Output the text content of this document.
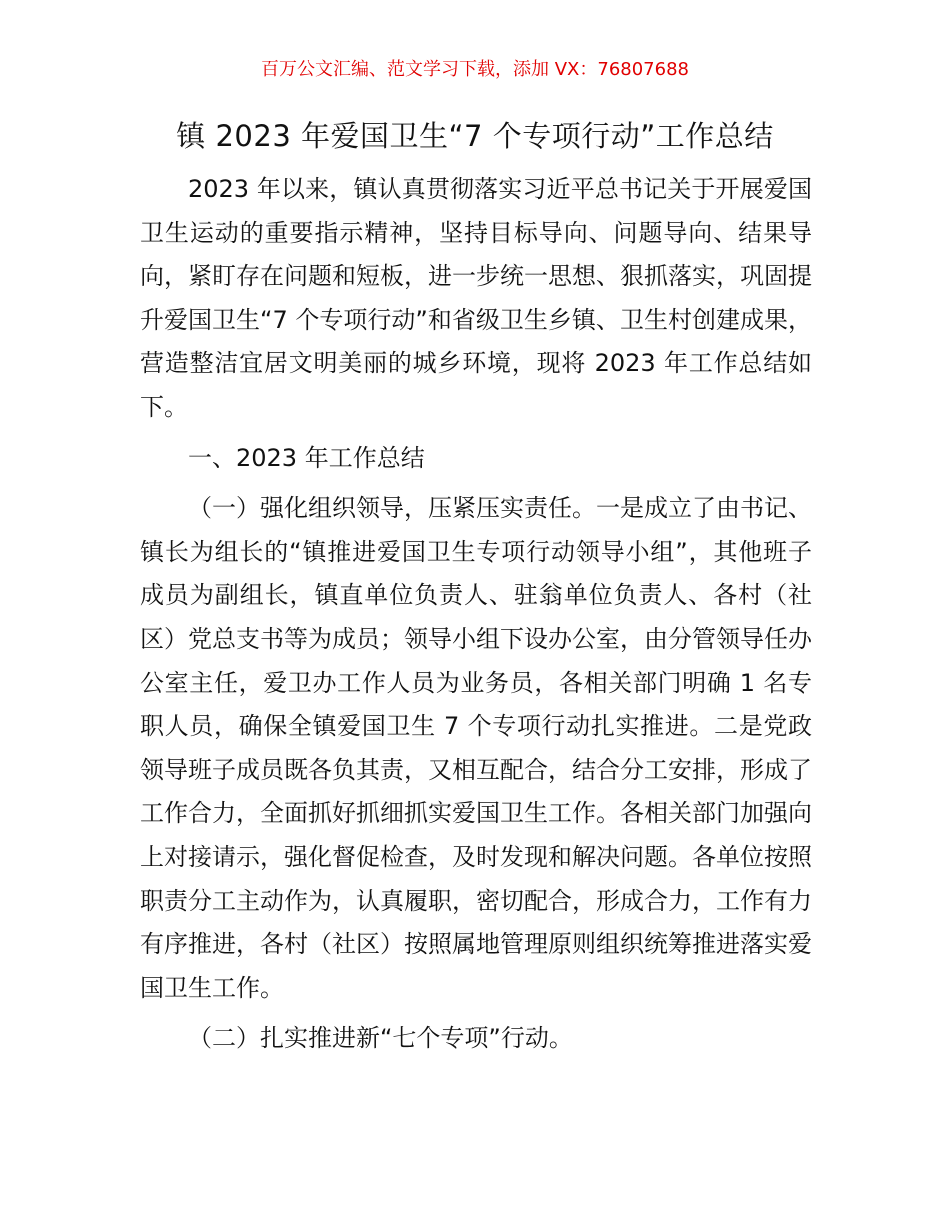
百万公文汇编、范文学习下载，添加 VX：76807688
镇 2023 年爱国卫生“7 个专项行动”工作总结

2023 年以来，镇认真贯彻落实习近平总书记关于开展爱国卫生运动的重要指示精神，坚持目标导向、问题导向、结果导向，紧盯存在问题和短板，进一步统一思想、狠抓落实，巩固提升爱国卫生“7 个专项行动”和省级卫生乡镇、卫生村创建成果，营造整洁宜居文明美丽的城乡环境，现将 2023 年工作总结如下。

一、2023 年工作总结

（一）强化组织领导，压紧压实责任。一是成立了由书记、镇长为组长的“镇推进爱国卫生专项行动领导小组”，其他班子成员为副组长，镇直单位负责人、驻翁单位负责人、各村（社区）党总支书等为成员；领导小组下设办公室，由分管领导任办公室主任，爱卫办工作人员为业务员，各相关部门明确 1 名专职人员，确保全镇爱国卫生 7 个专项行动扎实推进。二是党政领导班子成员既各负其责，又相互配合，结合分工安排，形成了工作合力，全面抓好抓细抓实爱国卫生工作。各相关部门加强向上对接请示，强化督促检查，及时发现和解决问题。各单位按照职责分工主动作为，认真履职，密切配合，形成合力，工作有力有序推进，各村（社区）按照属地管理原则组织统筹推进落实爱国卫生工作。

（二）扎实推进新“七个专项”行动。
